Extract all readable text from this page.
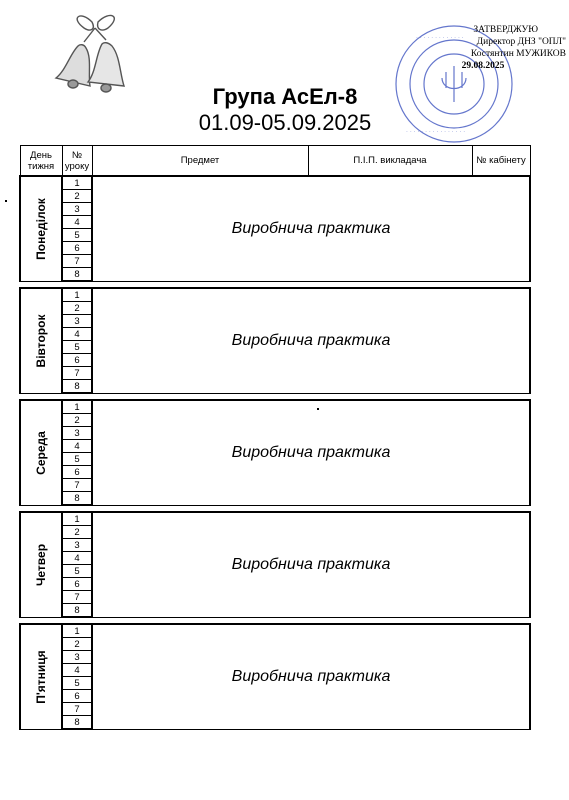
Група АсЕл-8
01.09-05.09.2025
· · · · · · · · · · · · ·
· · · · · · · · · · · · · · · ·
ЗАТВЕРДЖУЮ
Директор ДНЗ "ОПЛ"
Костянтин МУЖИКОВ
29.08.2025
День тижня	№ уроку	Предмет	П.І.П. викладача	№ кабінету

Понеділок	1	Виробнича практика		
	2			
	3			
	4			
	5			
	6			
	7			
	8			

Вівторок	1	Виробнича практика		
	2			
	3			
	4			
	5			
	6			
	7			
	8			

Середа	1	Виробнича практика		
	2			
	3			
	4			
	5			
	6			
	7			
	8			

Четвер	1	Виробнича практика		
	2			
	3			
	4			
	5			
	6			
	7			
	8			

П'ятниця	1	Виробнича практика		
	2			
	3			
	4			
	5			
	6			
	7			
	8			
